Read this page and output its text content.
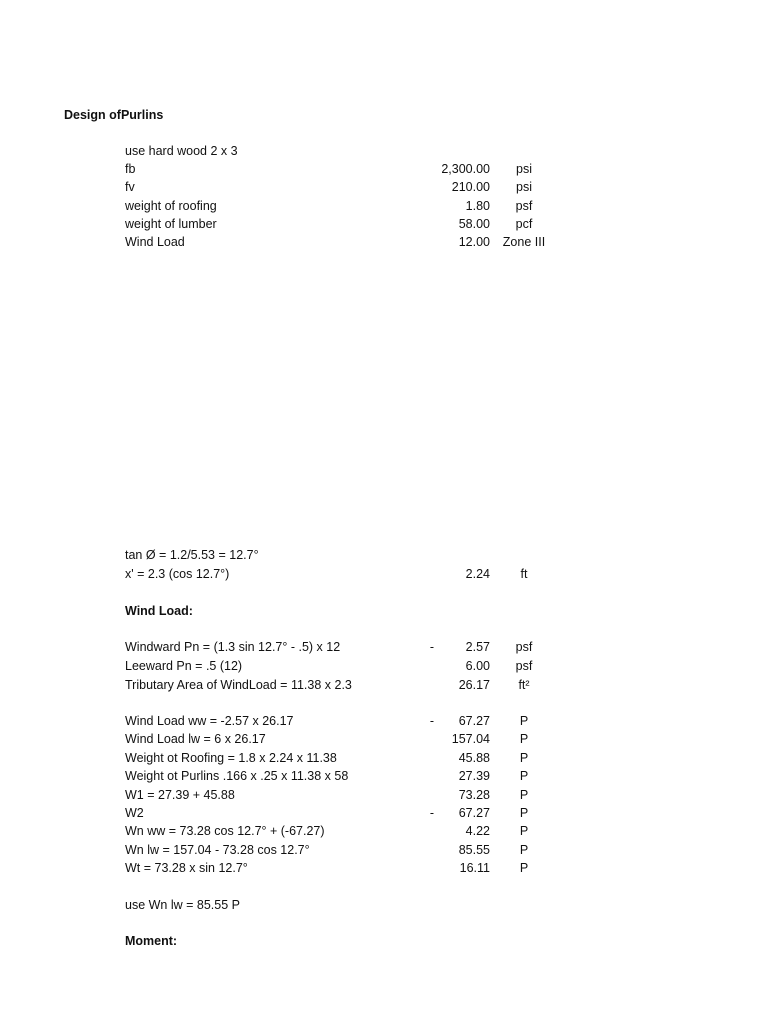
Design ofPurlins
use hard wood 2 x 3
fb	2,300.00	psi
fv	210.00	psi
weight of roofing	1.80	psf
weight of lumber	58.00	pcf
Wind Load	12.00	Zone III
tan Ø = 1.2/5.53 = 12.7°
x' = 2.3 (cos 12.7°)	2.24	ft
Wind Load:
Windward Pn = (1.3 sin 12.7° - .5) x 12	-	2.57	psf
Leeward Pn = .5 (12)	6.00	psf
Tributary Area of WindLoad = 11.38 x 2.3	26.17	ft²
Wind Load ww = -2.57 x 26.17	-	67.27	P
Wind Load lw = 6 x 26.17	157.04	P
Weight ot Roofing = 1.8 x 2.24 x 11.38	45.88	P
Weight ot Purlins .166 x .25 x 11.38 x 58	27.39	P
W1 = 27.39 + 45.88	73.28	P
W2	-	67.27	P
Wn ww = 73.28 cos 12.7° + (-67.27)	4.22	P
Wn lw = 157.04 - 73.28 cos 12.7°	85.55	P
Wt = 73.28 x sin 12.7°	16.11	P
use Wn lw = 85.55 P
Moment:
